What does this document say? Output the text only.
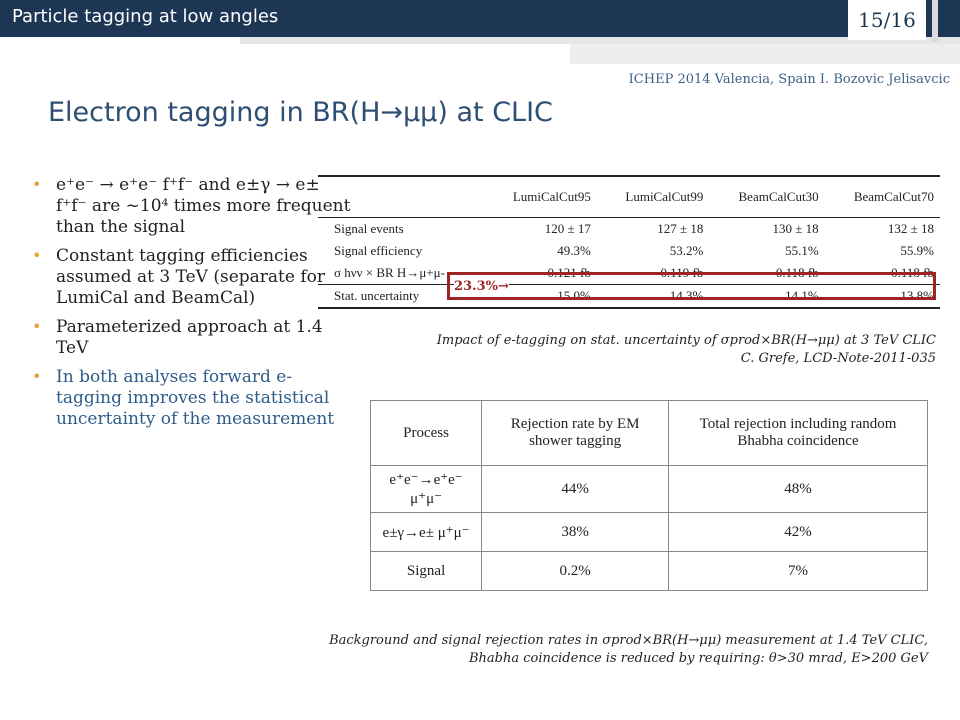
Particle tagging at low angles	15/16
ICHEP 2014 Valencia, Spain I. Bozovic Jelisavcic
Electron tagging in BR(H→μμ) at CLIC
• e⁺e⁻ → e⁺e⁻ f⁺f⁻ and e±γ → e± f⁺f⁻ are ~10⁴ times more frequent than the signal
• Constant tagging efficiencies assumed at 3 TeV (separate for LumiCal and BeamCal)
• Parameterized approach at 1.4 TeV
• In both analyses forward e-tagging improves the statistical uncertainty of the measurement
	LumiCalCut95	LumiCalCut99	BeamCalCut30	BeamCalCut70
Signal events	120 ± 17	127 ± 18	130 ± 18	132 ± 18
Signal efficiency	49.3%	53.2%	55.1%	55.9%
σ hνν × BR H→μ+μ-	0.121 fb	0.119 fb	0.118 fb	0.118 fb
Stat. uncertainty	15.0%	14.3%	14.1%	13.8%
23.3%→
Impact of e-tagging on stat. uncertainty of σprod×BR(H→μμ) at 3 TeV CLIC
C. Grefe, LCD-Note-2011-035
Process	Rejection rate by EM shower tagging	Total rejection including random Bhabha coincidence
e⁺e⁻→e⁺e⁻ μ⁺μ⁻	44%	48%
e±γ→e± μ⁺μ⁻	38%	42%
Signal	0.2%	7%
Background and signal rejection rates in σprod×BR(H→μμ) measurement at 1.4 TeV CLIC,
Bhabha coincidence is reduced by requiring: θ>30 mrad, E>200 GeV
